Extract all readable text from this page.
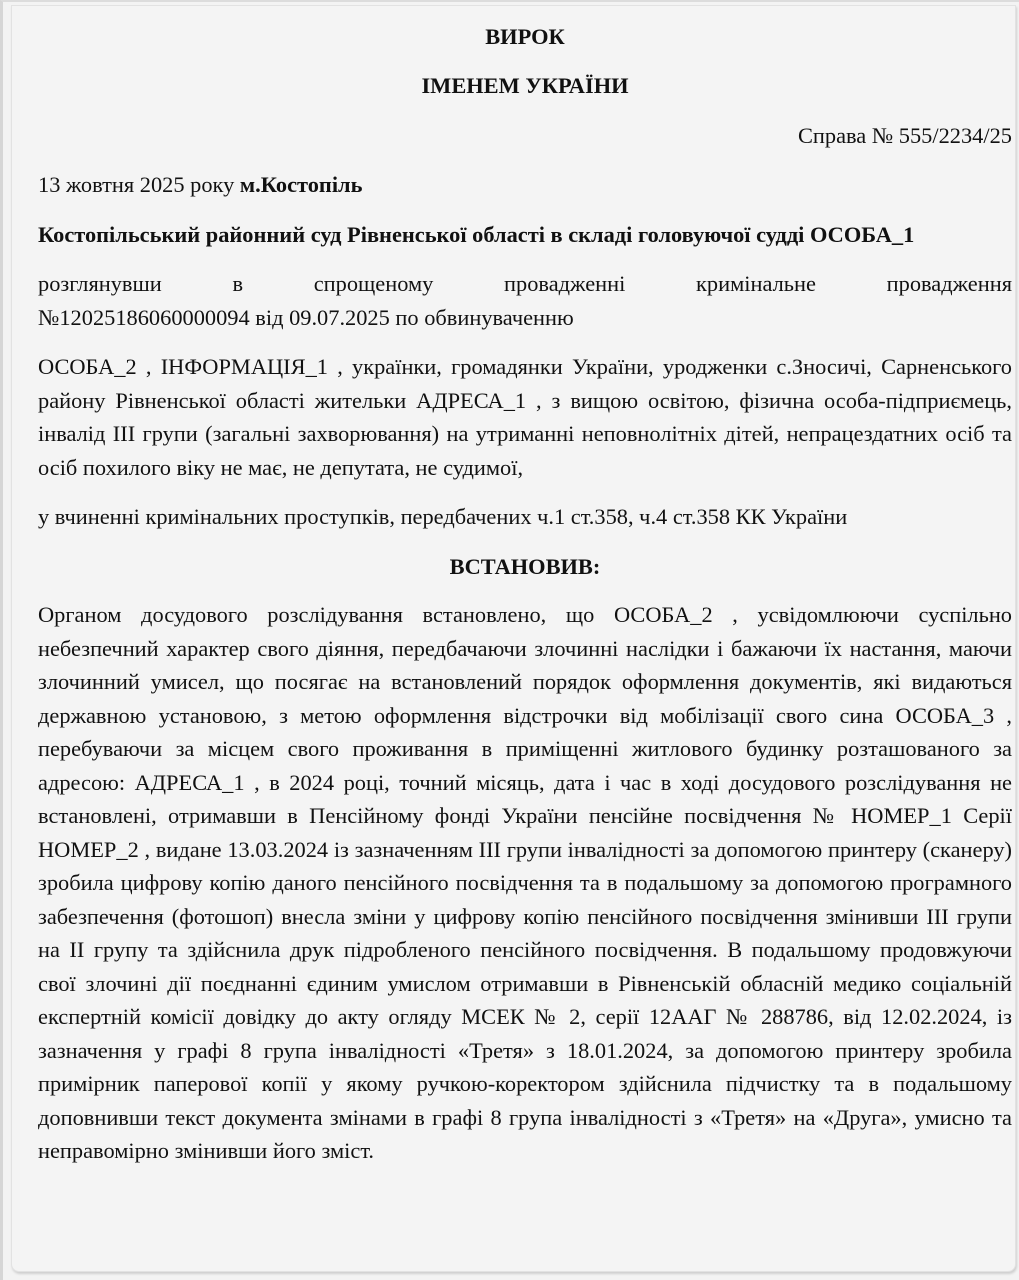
ВИРОК

ІМЕНЕМ УКРАЇНИ

Справа № 555/2234/25

13 жовтня 2025 року м.Костопіль

Костопільський районний суд Рівненської області в складі головуючої судді ОСОБА_1

розглянувши в спрощеному провадженні кримінальне провадження

№12025186060000094 від 09.07.2025 по обвинуваченню

ОСОБА_2 , ІНФОРМАЦІЯ_1 , українки, громадянки України, уродженки с.Зносичі, Сарненського району Рівненської області жительки АДРЕСА_1 , з вищою освітою, фізична особа-підприємець, інвалід ІІІ групи (загальні захворювання) на утриманні неповнолітніх дітей, непрацездатних осіб та осіб похилого віку не має, не депутата, не судимої,

у вчиненні кримінальних проступків, передбачених ч.1 ст.358, ч.4 ст.358 КК України

ВСТАНОВИВ:

Органом досудового розслідування встановлено, що ОСОБА_2 , усвідомлюючи суспільно небезпечний характер свого діяння, передбачаючи злочинні наслідки і бажаючи їх настання, маючи злочинний умисел, що посягає на встановлений порядок оформлення документів, які видаються державною установою, з метою оформлення відстрочки від мобілізації свого сина ОСОБА_3 , перебуваючи за місцем свого проживання в приміщенні житлового будинку розташованого за адресою: АДРЕСА_1 , в 2024 році, точний місяць, дата і час в ході досудового розслідування не встановлені, отримавши в Пенсійному фонді України пенсійне посвідчення № НОМЕР_1 Серії НОМЕР_2 , видане 13.03.2024 із зазначенням ІІІ групи інвалідності за допомогою принтеру (сканеру) зробила цифрову копію даного пенсійного посвідчення та в подальшому за допомогою програмного забезпечення (фотошоп) внесла зміни у цифрову копію пенсійного посвідчення змінивши ІІІ групи на ІІ групу та здійснила друк підробленого пенсійного посвідчення. В подальшому продовжуючи свої злочині дії поєднанні єдиним умислом отримавши в Рівненській обласній медико соціальній експертній комісії довідку до акту огляду МСЕК № 2, серії 12ААГ № 288786, від 12.02.2024, із зазначення у графі 8 група інвалідності «Третя» з 18.01.2024, за допомогою принтеру зробила примірник паперової копії у якому ручкою-коректором здійснила підчистку та в подальшому доповнивши текст документа змінами в графі 8 група інвалідності з «Третя» на «Друга», умисно та неправомірно змінивши його зміст.
